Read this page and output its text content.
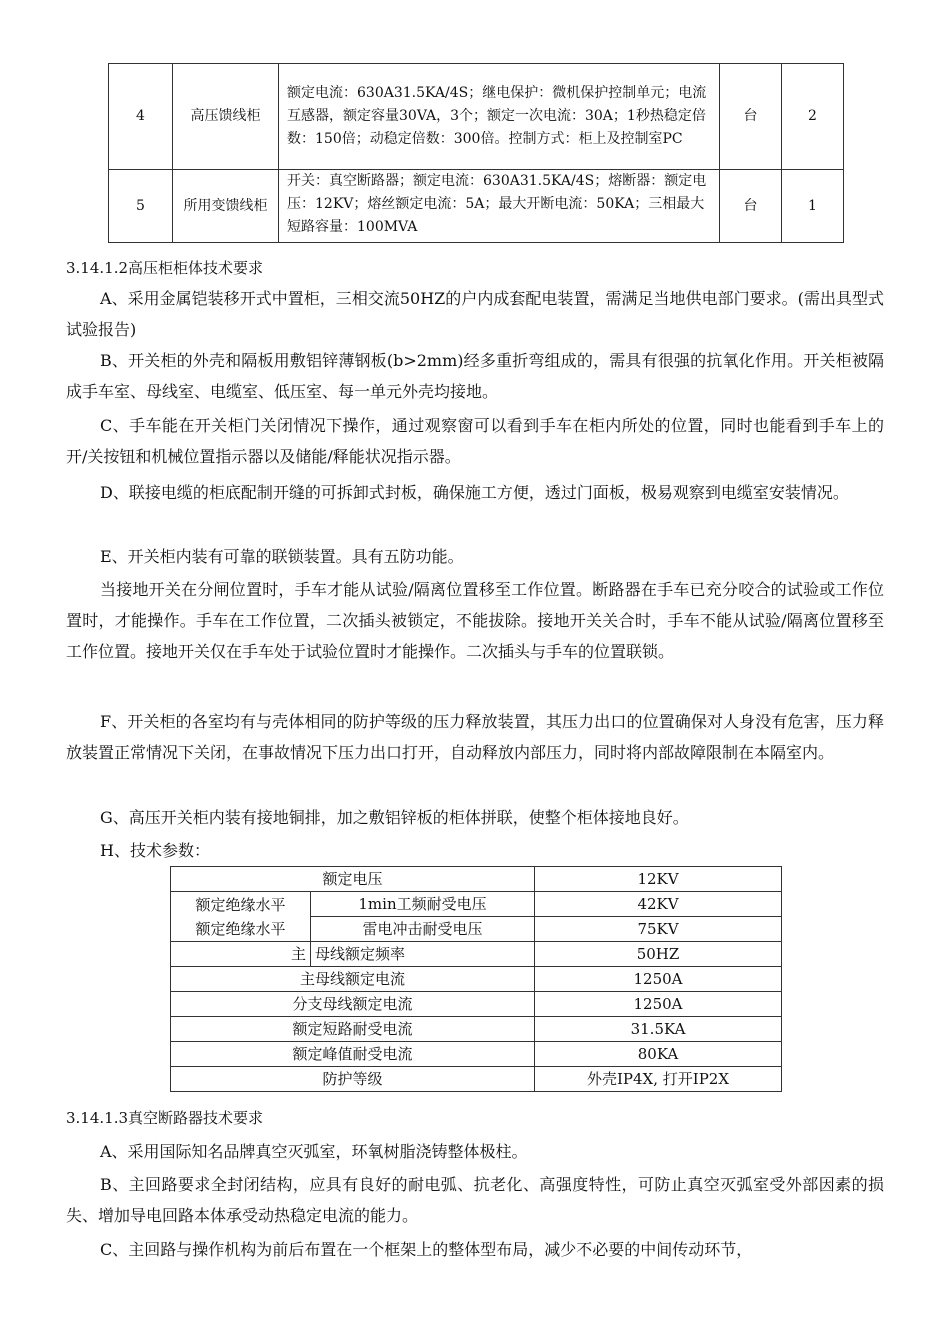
4	高压馈线柜	额定电流：630A31.5KA/4S；继电保护：微机保护控制单元；电流互感器，额定容量30VA，3个；额定一次电流：30A；1秒热稳定倍数：150倍；动稳定倍数：300倍。控制方式：柜上及控制室PC	台	2
5	所用变馈线柜	开关：真空断路器；额定电流：630A31.5KA/4S；熔断器：额定电压：12KV；熔丝额定电流：5A；最大开断电流：50KA；三相最大短路容量：100MVA	台	1
3.14.1.2高压柜柜体技术要求
A、采用金属铠装移开式中置柜，三相交流50HZ的户内成套配电装置，需满足当地供电部门要求。(需出具型式试验报告)
B、开关柜的外壳和隔板用敷铝锌薄钢板(b>2mm)经多重折弯组成的，需具有很强的抗氧化作用。开关柜被隔成手车室、母线室、电缆室、低压室、每一单元外壳均接地。
C、手车能在开关柜门关闭情况下操作，通过观察窗可以看到手车在柜内所处的位置，同时也能看到手车上的开/关按钮和机械位置指示器以及储能/释能状况指示器。
D、联接电缆的柜底配制开缝的可拆卸式封板，确保施工方便，透过门面板，极易观察到电缆室安装情况。
E、开关柜内装有可靠的联锁装置。具有五防功能。
当接地开关在分闸位置时，手车才能从试验/隔离位置移至工作位置。断路器在手车已充分咬合的试验或工作位置时，才能操作。手车在工作位置，二次插头被锁定，不能拔除。接地开关关合时，手车不能从试验/隔离位置移至工作位置。接地开关仅在手车处于试验位置时才能操作。二次插头与手车的位置联锁。
F、开关柜的各室均有与壳体相同的防护等级的压力释放装置，其压力出口的位置确保对人身没有危害，压力释放装置正常情况下关闭，在事故情况下压力出口打开，自动释放内部压力，同时将内部故障限制在本隔室内。
G、高压开关柜内装有接地铜排，加之敷铝锌板的柜体拼联，使整个柜体接地良好。
H、技术参数：
额定电压		12KV

额定绝缘水平
额定绝缘水平	1min工频耐受电压	42KV
	雷电冲击耐受电压	75KV
主	母线额定频率	50HZ
主母线额定电流		1250A
分支母线额定电流		1250A
额定短路耐受电流		31.5KA
额定峰值耐受电流		80KA
防护等级		外壳IP4X, 打开IP2X
3.14.1.3真空断路器技术要求
A、采用国际知名品牌真空灭弧室，环氧树脂浇铸整体极柱。
B、主回路要求全封闭结构，应具有良好的耐电弧、抗老化、高强度特性，可防止真空灭弧室受外部因素的损失、增加导电回路本体承受动热稳定电流的能力。
C、主回路与操作机构为前后布置在一个框架上的整体型布局，减少不必要的中间传动环节，
